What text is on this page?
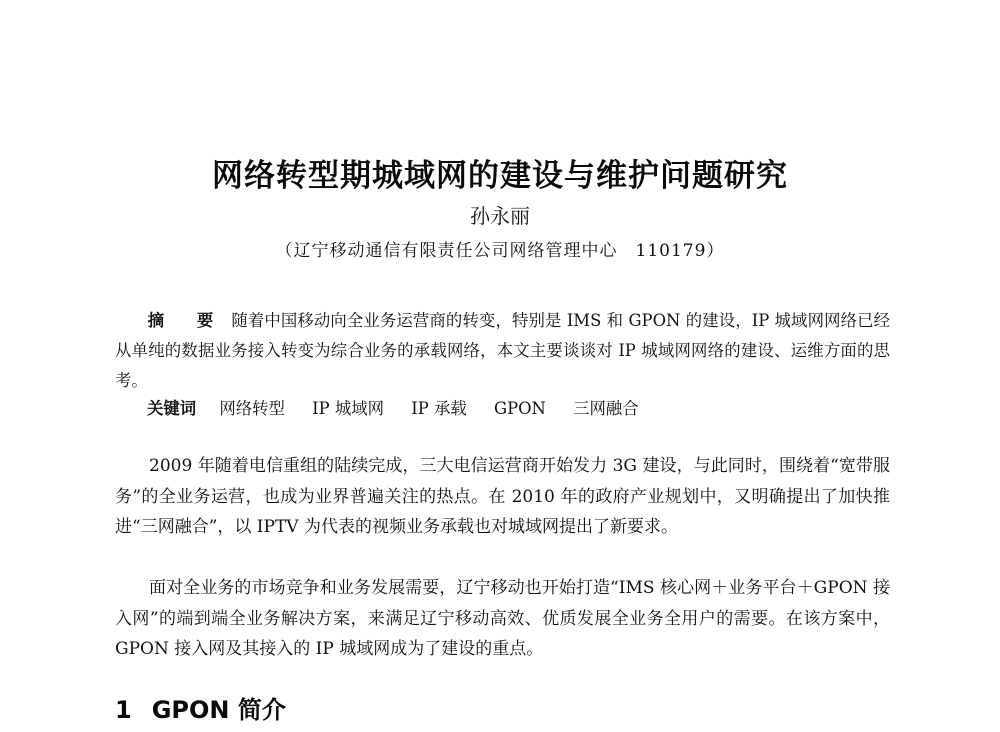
网络转型期城域网的建设与维护问题研究
孙永丽
（辽宁移动通信有限责任公司网络管理中心　110179）
摘　要 随着中国移动向全业务运营商的转变，特别是 IMS 和 GPON 的建设，IP 城域网网络已经从单纯的数据业务接入转变为综合业务的承载网络，本文主要谈谈对 IP 城域网网络的建设、运维方面的思考。
关键词 网络转型 IP 城域网 IP 承载 GPON 三网融合
2009 年随着电信重组的陆续完成，三大电信运营商开始发力 3G 建设，与此同时，围绕着“宽带服务”的全业务运营，也成为业界普遍关注的热点。在 2010 年的政府产业规划中，又明确提出了加快推进“三网融合”，以 IPTV 为代表的视频业务承载也对城域网提出了新要求。
面对全业务的市场竞争和业务发展需要，辽宁移动也开始打造“IMS 核心网＋业务平台＋GPON 接入网”的端到端全业务解决方案，来满足辽宁移动高效、优质发展全业务全用户的需要。在该方案中，GPON 接入网及其接入的 IP 城域网成为了建设的重点。
1 GPON 简介
